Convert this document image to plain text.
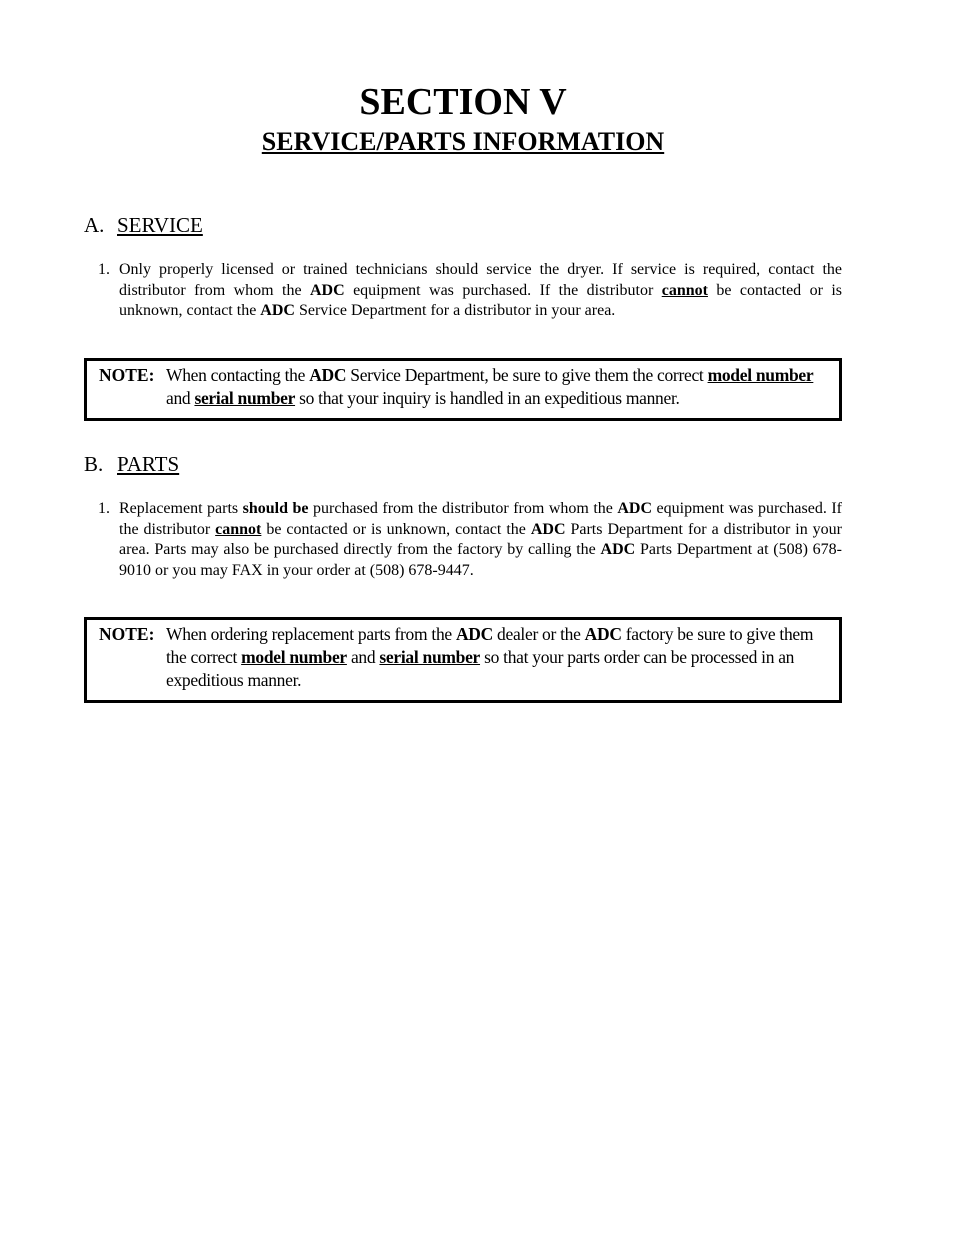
SECTION V
SERVICE/PARTS INFORMATION
A. SERVICE
1. Only properly licensed or trained technicians should service the dryer. If service is required, contact the distributor from whom the ADC equipment was purchased. If the distributor cannot be contacted or is unknown, contact the ADC Service Department for a distributor in your area.
NOTE: When contacting the ADC Service Department, be sure to give them the correct model number and serial number so that your inquiry is handled in an expeditious manner.
B. PARTS
1. Replacement parts should be purchased from the distributor from whom the ADC equipment was purchased. If the distributor cannot be contacted or is unknown, contact the ADC Parts Department for a distributor in your area. Parts may also be purchased directly from the factory by calling the ADC Parts Department at (508) 678-9010 or you may FAX in your order at (508) 678-9447.
NOTE: When ordering replacement parts from the ADC dealer or the ADC factory be sure to give them the correct model number and serial number so that your parts order can be processed in an expeditious manner.
